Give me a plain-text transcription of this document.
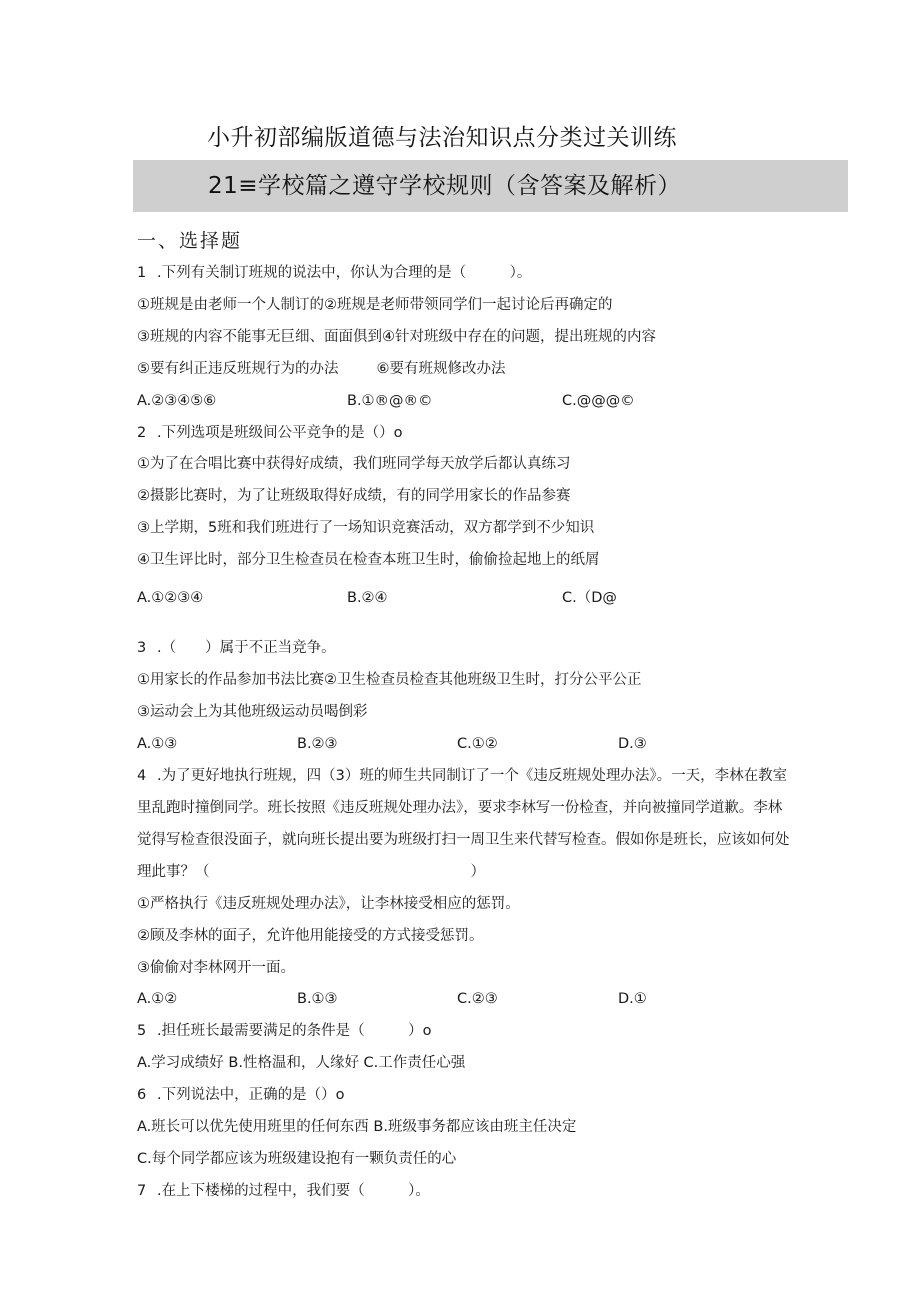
小升初部编版道德与法治知识点分类过关训练
21≡学校篇之遵守学校规则（含答案及解析）
一、选择题
1 .下列有关制订班规的说法中，你认为合理的是（　　　）。
①班规是由老师一个人制订的②班规是老师带领同学们一起讨论后再确定的
③班规的内容不能事无巨细、面面俱到④针对班级中存在的问题，提出班规的内容
⑤要有纠正违反班规行为的办法	⑥要有班规修改办法
A.②③④⑤⑥	B.①®@®©	C.@@@©
2 .下列选项是班级间公平竞争的是（）o
①为了在合唱比赛中获得好成绩，我们班同学每天放学后都认真练习
②摄影比赛时，为了让班级取得好成绩，有的同学用家长的作品参赛
③上学期，5班和我们班进行了一场知识竞赛活动，双方都学到不少知识
④卫生评比时，部分卫生检查员在检查本班卫生时，偷偷捡起地上的纸屑
A.①②③④	B.②④	C.（D@
3 .（　　）属于不正当竞争。
①用家长的作品参加书法比赛②卫生检查员检查其他班级卫生时，打分公平公正
③运动会上为其他班级运动员喝倒彩
A.①③	B.②③	C.①②	D.③
4 .为了更好地执行班规，四（3）班的师生共同制订了一个《违反班规处理办法》。一天，李林在教室
里乱跑时撞倒同学。班长按照《违反班规处理办法》，要求李林写一份检查，并向被撞同学道歉。李林
觉得写检查很没面子，就向班长提出要为班级打扫一周卫生来代替写检查。假如你是班长，应该如何处
理此事？（　　　　　　　　　　　　　　　　　　）
①严格执行《违反班规处理办法》，让李林接受相应的惩罚。
②顾及李林的面子，允许他用能接受的方式接受惩罚。
③偷偷对李林网开一面。
A.①②	B.①③	C.②③	D.①
5 .担任班长最需要满足的条件是（　　　）o
A.学习成绩好 B.性格温和，人缘好 C.工作责任心强
6 .下列说法中，正确的是（）o
A.班长可以优先使用班里的任何东西 B.班级事务都应该由班主任决定
C.每个同学都应该为班级建设抱有一颗负责任的心
7 .在上下楼梯的过程中，我们要（　　　）。
